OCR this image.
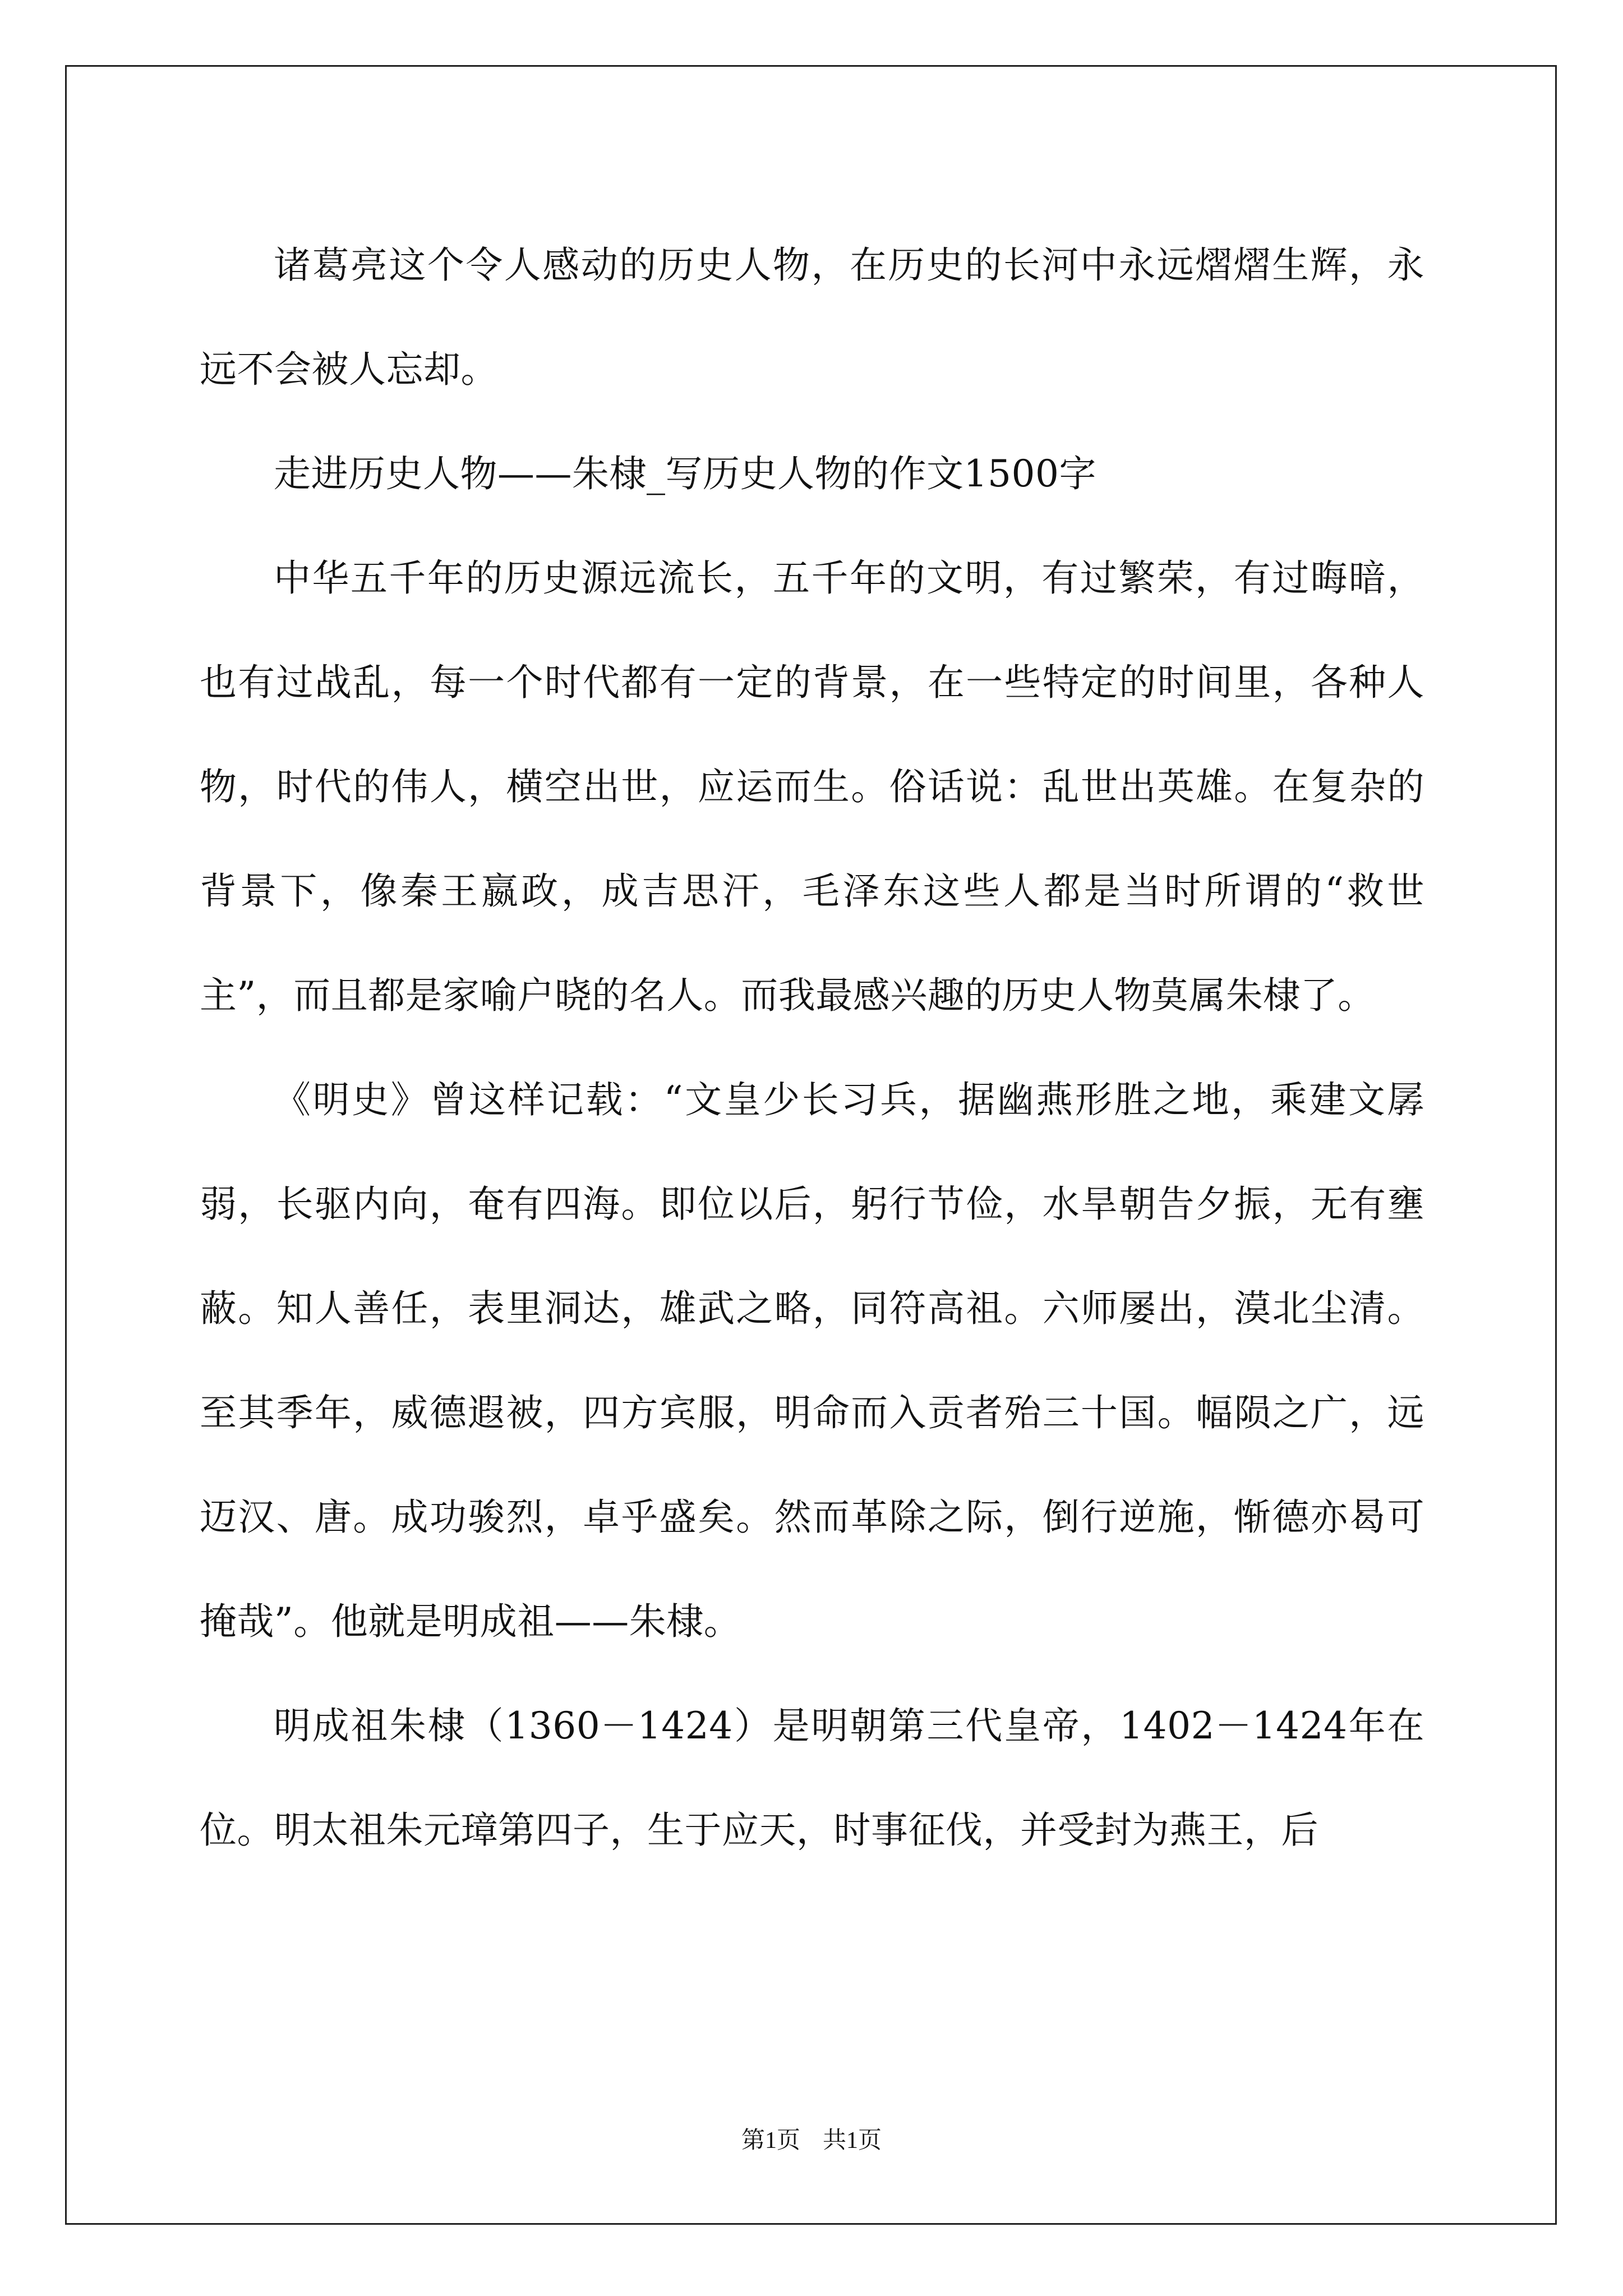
诸葛亮这个令人感动的历史人物，在历史的长河中永远熠熠生辉，永远不会被人忘却。

走进历史人物——朱棣_写历史人物的作文1500字

中华五千年的历史源远流长，五千年的文明，有过繁荣，有过晦暗，也有过战乱，每一个时代都有一定的背景，在一些特定的时间里，各种人物，时代的伟人，横空出世，应运而生。俗话说：乱世出英雄。在复杂的背景下，像秦王嬴政，成吉思汗，毛泽东这些人都是当时所谓的“救世主”，而且都是家喻户晓的名人。而我最感兴趣的历史人物莫属朱棣了。

《明史》曾这样记载：“文皇少长习兵，据幽燕形胜之地，乘建文孱弱，长驱内向，奄有四海。即位以后，躬行节俭，水旱朝告夕振，无有壅蔽。知人善任，表里洞达，雄武之略，同符高祖。六师屡出，漠北尘清。至其季年，威德遐被，四方宾服，明命而入贡者殆三十国。幅陨之广，远迈汉、唐。成功骏烈，卓乎盛矣。然而革除之际，倒行逆施，惭德亦曷可掩哉”。他就是明成祖——朱棣。

明成祖朱棣（1360－1424）是明朝第三代皇帝，1402－1424年在位。明太祖朱元璋第四子，生于应天，时事征伐，并受封为燕王，后

第1页 共1页
